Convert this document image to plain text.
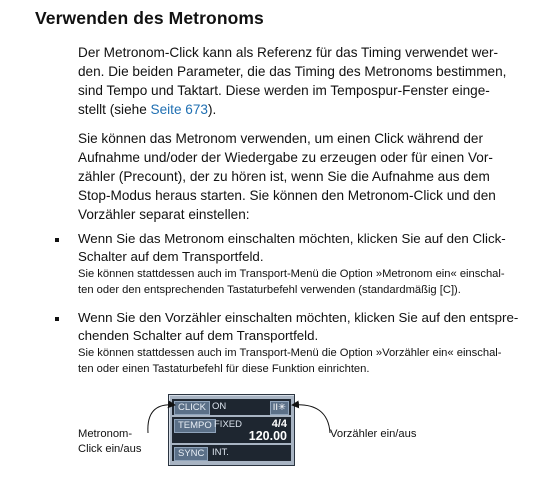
Verwenden des Metronoms

Der Metronom-Click kann als Referenz für das Timing verwendet wer-
den. Die beiden Parameter, die das Timing des Metronoms bestimmen,
sind Tempo und Taktart. Diese werden im Tempospur-Fenster einge-
stellt (siehe Seite 673).

Sie können das Metronom verwenden, um einen Click während der
Aufnahme und/oder der Wiedergabe zu erzeugen oder für einen Vor-
zähler (Precount), der zu hören ist, wenn Sie die Aufnahme aus dem
Stop-Modus heraus starten. Sie können den Metronom-Click und den
Vorzähler separat einstellen:

Wenn Sie das Metronom einschalten möchten, klicken Sie auf den Click-
Schalter auf dem Transportfeld.

Sie können stattdessen auch im Transport-Menü die Option »Metronom ein« einschal-
ten oder den entsprechenden Tastaturbefehl verwenden (standardmäßig [C]).

Wenn Sie den Vorzähler einschalten möchten, klicken Sie auf den entspre-
chenden Schalter auf dem Transportfeld.

Sie können stattdessen auch im Transport-Menü die Option »Vorzähler ein« einschal-
ten oder einen Tastaturbefehl für diese Funktion einrichten.

CLICK ON	II✳
TEMPO FIXED	4/4
120.00
SYNC INT.

Metronom-
Click ein/aus

Vorzähler ein/aus
